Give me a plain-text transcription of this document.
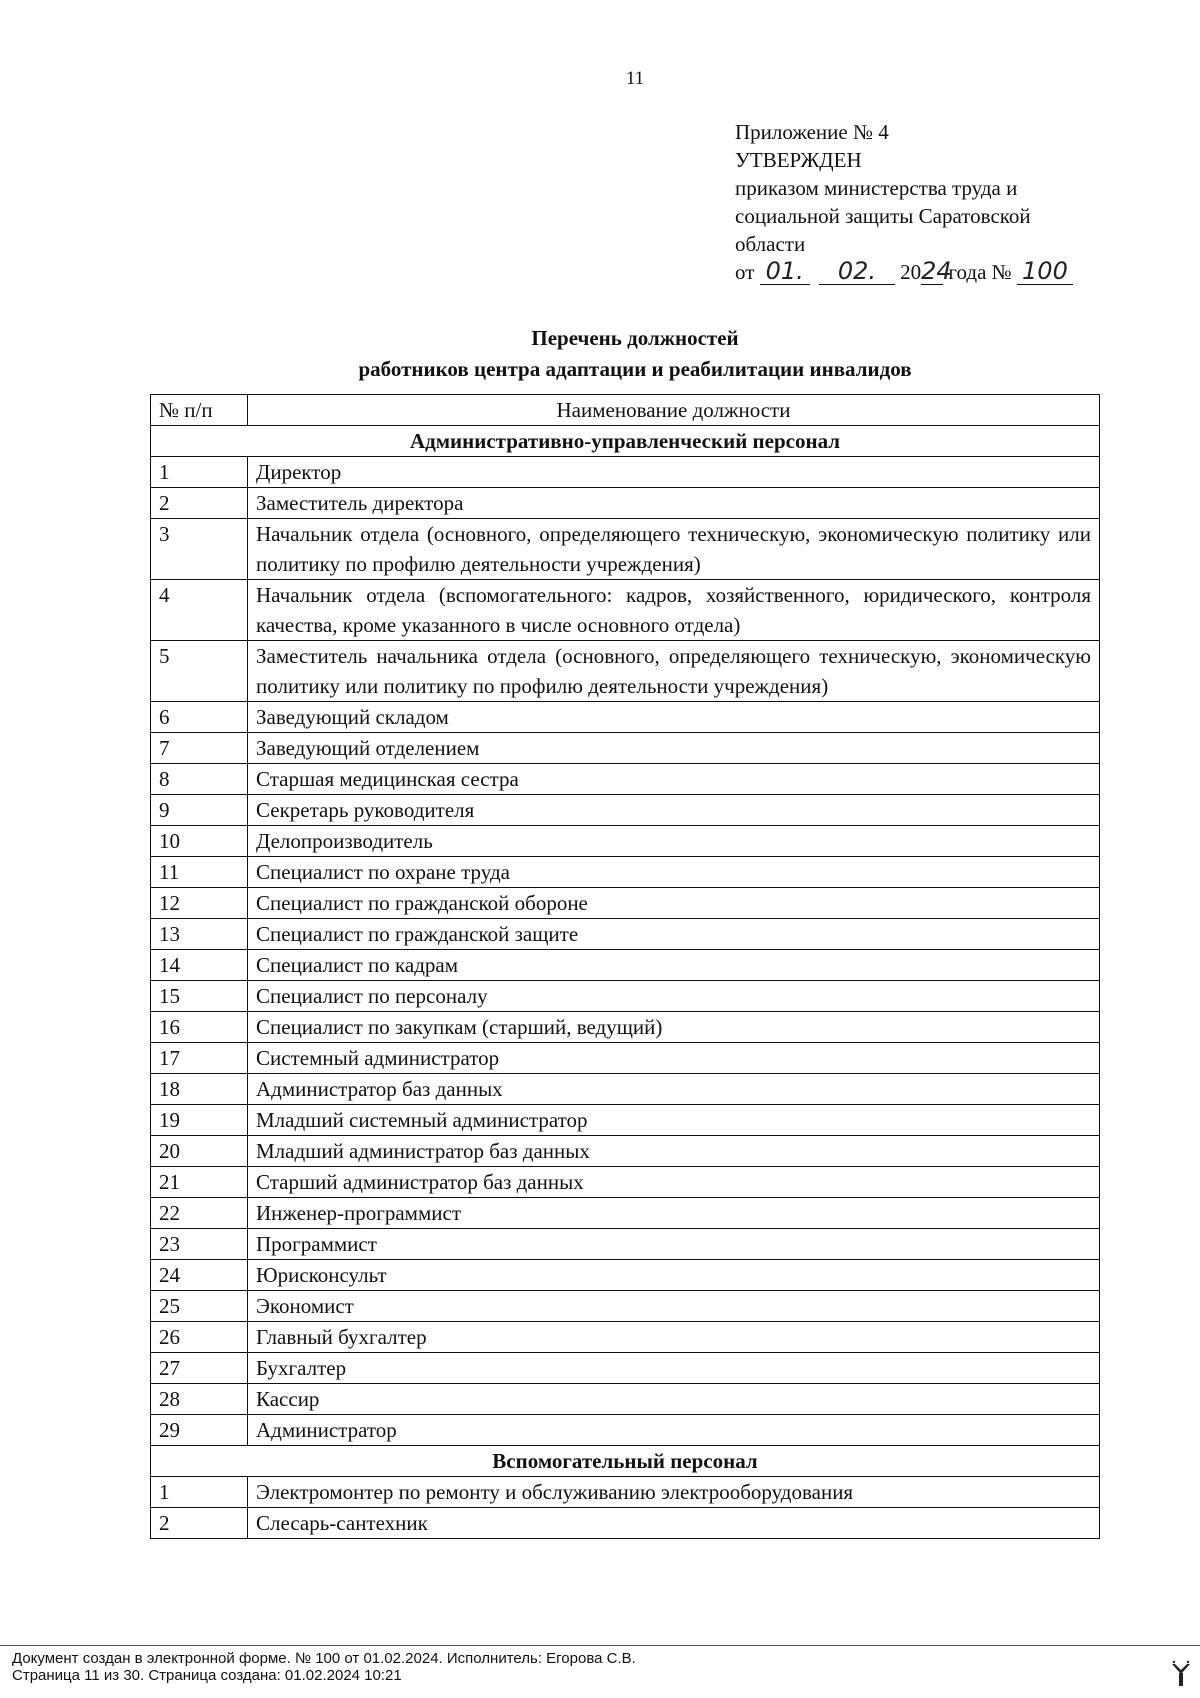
11
Приложение № 4
УТВЕРЖДЕН
приказом министерства труда и
социальной защиты Саратовской
области
от 01. 02. 2024 года № 100
Перечень должностей
работников центра адаптации и реабилитации инвалидов
№ п/п	Наименование должности
Административно-управленческий персонал	
1	Директор
2	Заместитель директора
3	Начальник отдела (основного, определяющего техническую, экономическую политику или политику по профилю деятельности учреждения)
4	Начальник отдела (вспомогательного: кадров, хозяйственного, юридического, контроля качества, кроме указанного в числе основного отдела)
5	Заместитель начальника отдела (основного, определяющего техническую, экономическую политику или политику по профилю деятельности учреждения)
6	Заведующий складом
7	Заведующий отделением
8	Старшая медицинская сестра
9	Секретарь руководителя
10	Делопроизводитель
11	Специалист по охране труда
12	Специалист по гражданской обороне
13	Специалист по гражданской защите
14	Специалист по кадрам
15	Специалист по персоналу
16	Специалист по закупкам (старший, ведущий)
17	Системный администратор
18	Администратор баз данных
19	Младший системный администратор
20	Младший администратор баз данных
21	Старший администратор баз данных
22	Инженер-программист
23	Программист
24	Юрисконсульт
25	Экономист
26	Главный бухгалтер
27	Бухгалтер
28	Кассир
29	Администратор
Вспомогательный персонал	
1	Электромонтер по ремонту и обслуживанию электрооборудования
2	Слесарь-сантехник
Документ создан в электронной форме. № 100 от 01.02.2024. Исполнитель: Егорова С.В.
Страница 11 из 30. Страница создана: 01.02.2024 10:21
